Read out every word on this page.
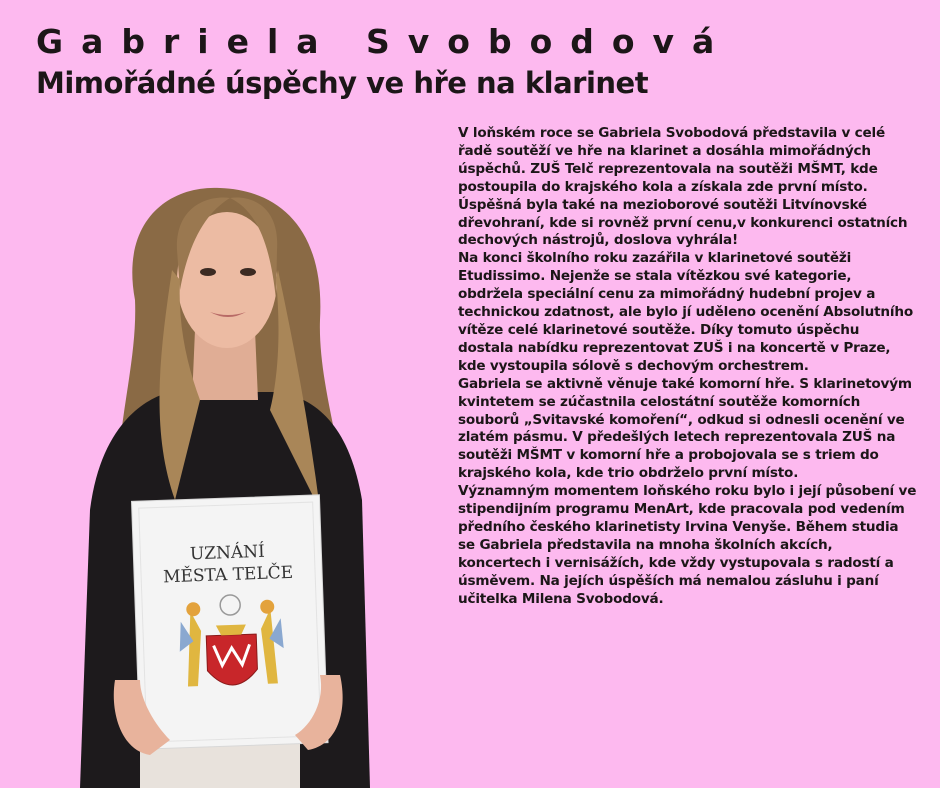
Gabriela Svobodová
Mimořádné úspěchy ve hře na klarinet

V loňském roce se Gabriela Svobodová představila v celé řadě soutěží ve hře na klarinet a dosáhla mimořádných úspěchů. ZUŠ Telč reprezentovala na soutěži MŠMT, kde postoupila do krajského kola a získala zde první místo. Úspěšná byla také na mezioborové soutěži Litvínovské dřevohraní, kde si rovněž první cenu,v konkurenci ostatních dechových nástrojů, doslova vyhrála!

Na konci školního roku zazářila v klarinetové soutěži Etudissimo. Nejenže se stala vítězkou své kategorie, obdržela speciální cenu za mimořádný hudební projev a technickou zdatnost, ale bylo jí uděleno ocenění Absolutního vítěze celé klarinetové soutěže. Díky tomuto úspěchu dostala nabídku reprezentovat ZUŠ i na koncertě v Praze, kde vystoupila sólově s dechovým orchestrem.

Gabriela se aktivně věnuje také komorní hře. S klarinetovým kvintetem se zúčastnila celostátní soutěže komorních souborů „Svitavské komoření“, odkud si odnesli ocenění ve zlatém pásmu. V předešlých letech reprezentovala ZUŠ na soutěži MŠMT v komorní hře a probojovala se s triem do krajského kola, kde trio obdrželo první místo.

Významným momentem loňského roku bylo i její působení ve stipendijním programu MenArt, kde pracovala pod vedením předního českého klarinetisty Irvina Venyše. Během studia se Gabriela představila na mnoha školních akcích, koncertech i vernisážích, kde vždy vystupovala s radostí a úsměvem. Na jejích úspěších má nemalou zásluhu i paní učitelka Milena Svobodová.

UZNÁNÍ
MĚSTA TELČE
